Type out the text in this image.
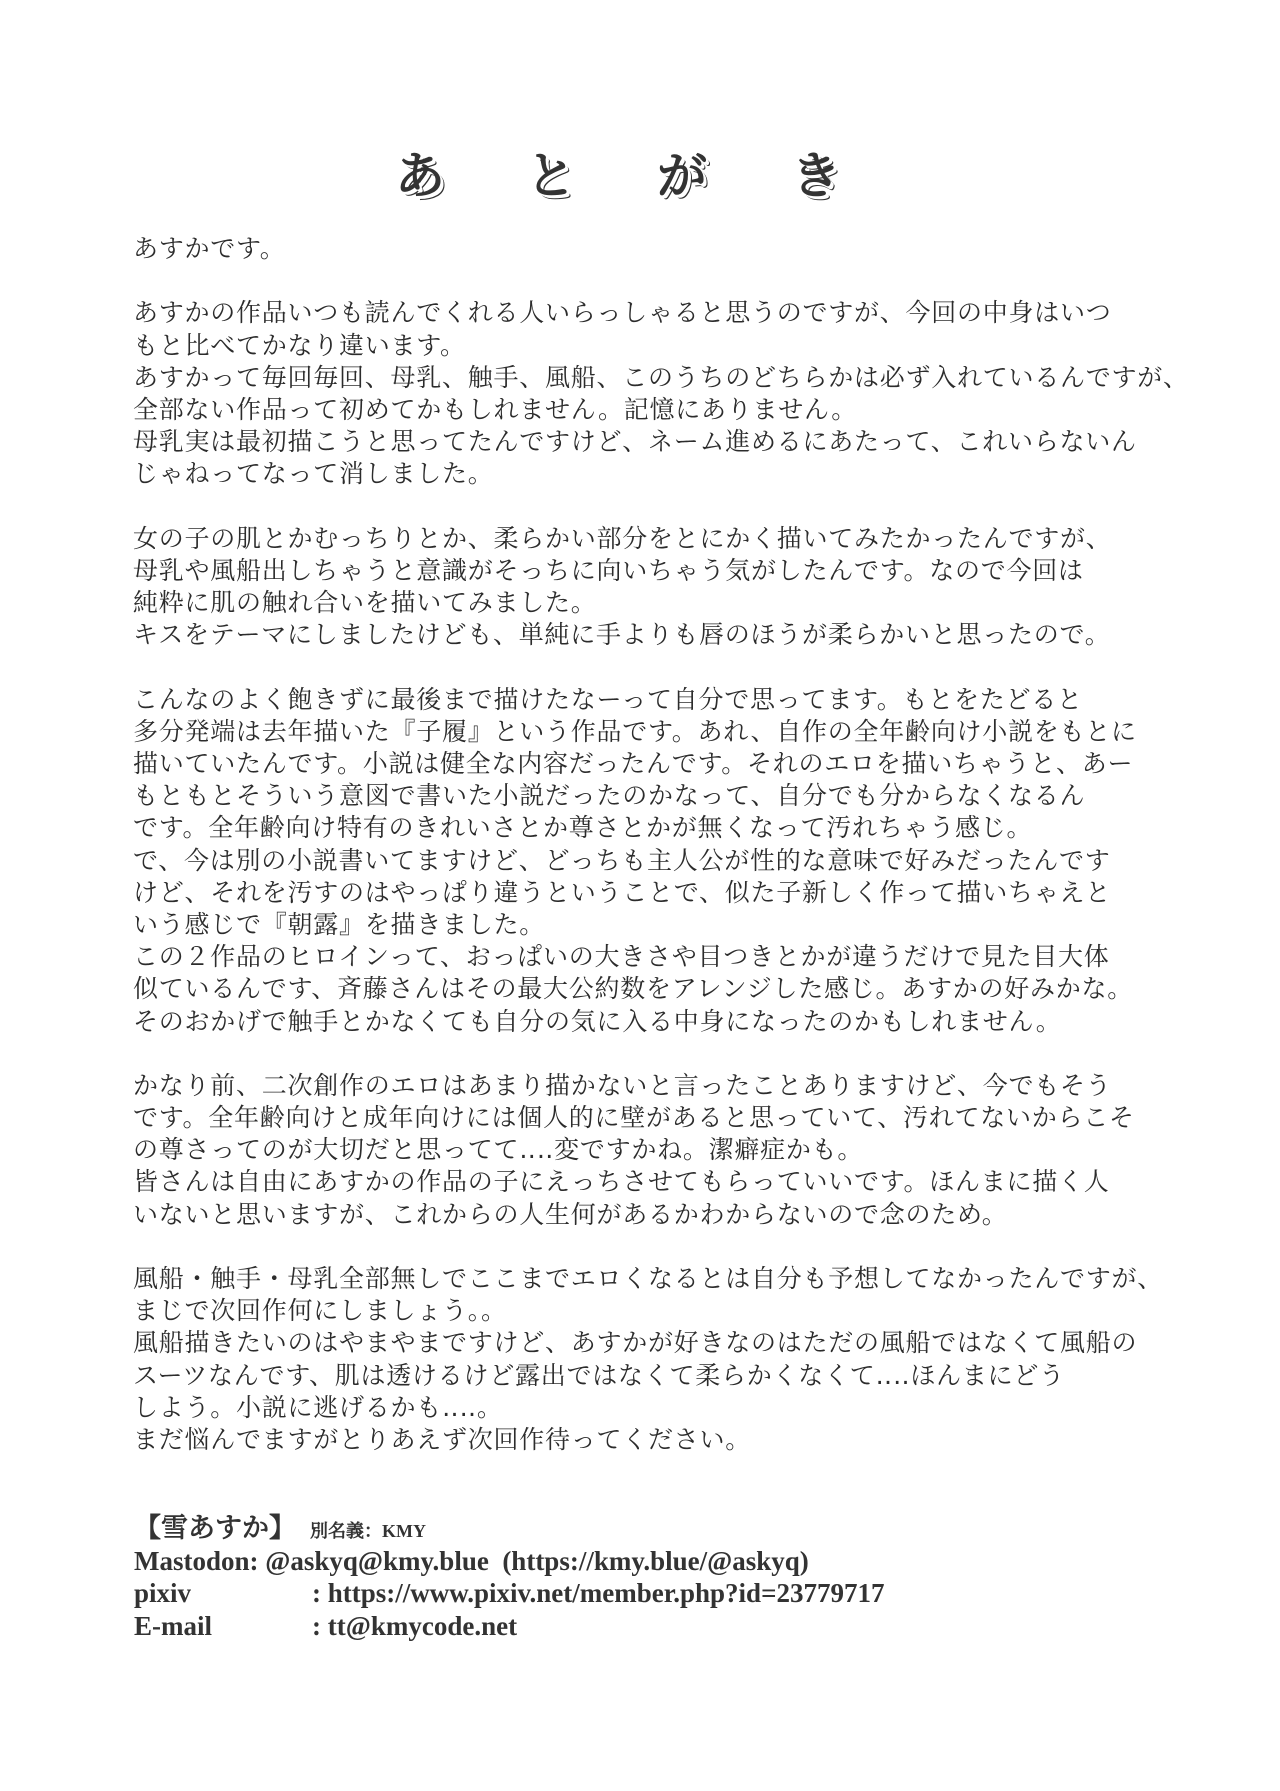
あ と が き
あすかです。
あすかの作品いつも読んでくれる人いらっしゃると思うのですが、今回の中身はいつ
もと比べてかなり違います。
あすかって毎回毎回、母乳、触手、風船、このうちのどちらかは必ず入れているんですが、
全部ない作品って初めてかもしれません。記憶にありません。
母乳実は最初描こうと思ってたんですけど、ネーム進めるにあたって、これいらないん
じゃねってなって消しました。
女の子の肌とかむっちりとか、柔らかい部分をとにかく描いてみたかったんですが、
母乳や風船出しちゃうと意識がそっちに向いちゃう気がしたんです。なので今回は
純粋に肌の触れ合いを描いてみました。
キスをテーマにしましたけども、単純に手よりも唇のほうが柔らかいと思ったので。
こんなのよく飽きずに最後まで描けたなーって自分で思ってます。もとをたどると
多分発端は去年描いた『子履』という作品です。あれ、自作の全年齢向け小説をもとに
描いていたんです。小説は健全な内容だったんです。それのエロを描いちゃうと、あー
もともとそういう意図で書いた小説だったのかなって、自分でも分からなくなるん
です。全年齢向け特有のきれいさとか尊さとかが無くなって汚れちゃう感じ。
で、今は別の小説書いてますけど、どっちも主人公が性的な意味で好みだったんです
けど、それを汚すのはやっぱり違うということで、似た子新しく作って描いちゃえと
いう感じで『朝露』を描きました。
この２作品のヒロインって、おっぱいの大きさや目つきとかが違うだけで見た目大体
似ているんです、斉藤さんはその最大公約数をアレンジした感じ。あすかの好みかな。
そのおかげで触手とかなくても自分の気に入る中身になったのかもしれません。
かなり前、二次創作のエロはあまり描かないと言ったことありますけど、今でもそう
です。全年齢向けと成年向けには個人的に壁があると思っていて、汚れてないからこそ
の尊さってのが大切だと思ってて‥‥変ですかね。潔癖症かも。
皆さんは自由にあすかの作品の子にえっちさせてもらっていいです。ほんまに描く人
いないと思いますが、これからの人生何があるかわからないので念のため。
風船・触手・母乳全部無しでここまでエロくなるとは自分も予想してなかったんですが、
まじで次回作何にしましょう。。
風船描きたいのはやまやまですけど、あすかが好きなのはただの風船ではなくて風船の
スーツなんです、肌は透けるけど露出ではなくて柔らかくなくて‥‥ほんまにどう
しよう。小説に逃げるかも‥‥。
まだ悩んでますがとりあえず次回作待ってください。
【雪あすか】 別名義：KMY
Mastodon: @askyq@kmy.blue  (https://kmy.blue/@askyq)
pixiv	: https://www.pixiv.net/member.php?id=23779717
E-mail	: tt@kmycode.net
